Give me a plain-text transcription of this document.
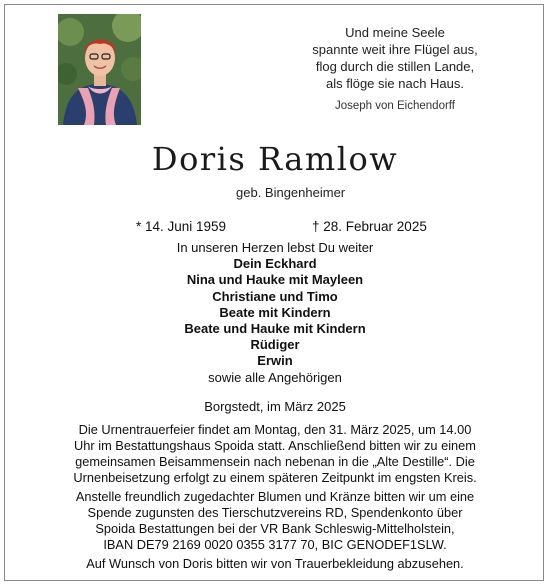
Und meine Seele
spannte weit ihre Flügel aus,
flog durch die stillen Lande,
als flöge sie nach Haus.
Joseph von Eichendorff
Doris Ramlow
geb. Bingenheimer
* 14. Juni 1959	† 28. Februar 2025
In unseren Herzen lebst Du weiter
Dein Eckhard
Nina und Hauke mit Mayleen
Christiane und Timo
Beate mit Kindern
Beate und Hauke mit Kindern
Rüdiger
Erwin
sowie alle Angehörigen
Borgstedt, im März 2025
Die Urnentrauerfeier findet am Montag, den 31. März 2025, um 14.00
Uhr im Bestattungshaus Spoida statt. Anschließend bitten wir zu einem
gemeinsamen Beisammensein nach nebenan in die „Alte Destille“. Die
Urnenbeisetzung erfolgt zu einem späteren Zeitpunkt im engsten Kreis.
Anstelle freundlich zugedachter Blumen und Kränze bitten wir um eine
Spende zugunsten des Tierschutzvereins RD, Spendenkonto über
Spoida Bestattungen bei der VR Bank Schleswig-Mittelholstein,
IBAN DE79 2169 0020 0355 3177 70, BIC GENODEF1SLW.
Auf Wunsch von Doris bitten wir von Trauerbekleidung abzusehen.
